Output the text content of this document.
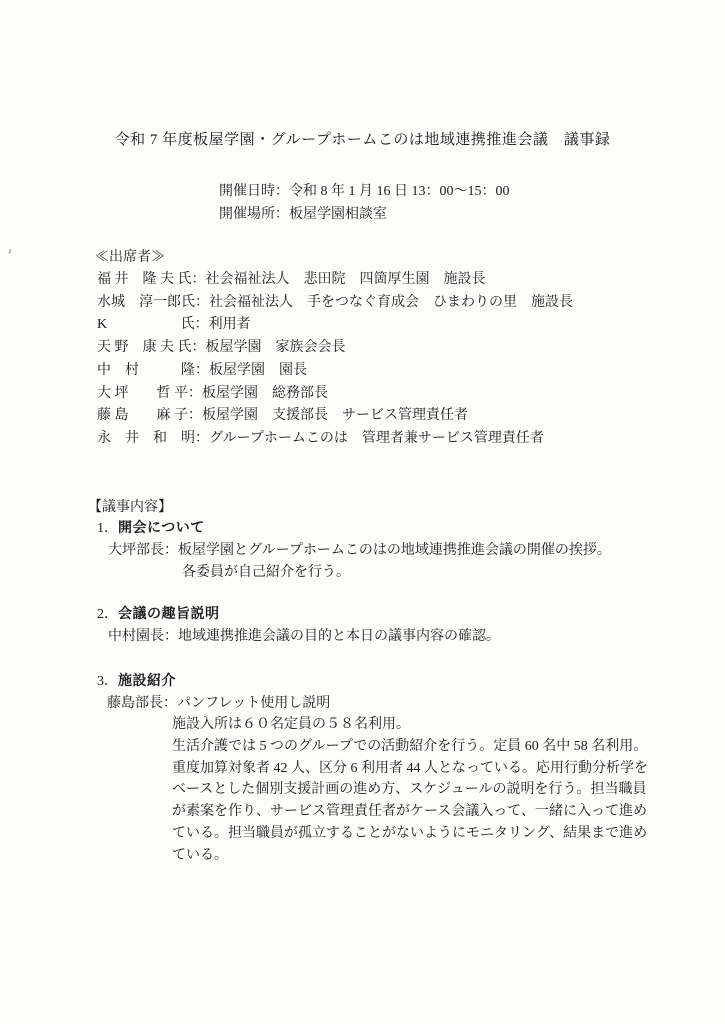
令和 7 年度板屋学園・グループホームこのは地域連携推進会議　議事録
開催日時：令和 8 年 1 月 16 日 13：00～15：00
開催場所：板屋学園相談室
≪出席者≫
福 井　隆 夫 氏：社会福祉法人　悲田院　四箇厚生園　施設長
水城　淳一郎氏：社会福祉法人　手をつなぐ育成会　ひまわりの里　施設長
K　　　　　 氏：利用者
天 野　康 夫 氏：板屋学園　家族会会長
中　村　　　隆：板屋学園　園長
大 坪　　哲 平：板屋学園　総務部長
藤 島　　麻 子：板屋学園　支援部長　サービス管理責任者
永　井　和　明：グループホームこのは　管理者兼サービス管理責任者
【議事内容】
1．開会について
大坪部長：板屋学園とグループホームこのはの地域連携推進会議の開催の挨拶。
各委員が自己紹介を行う。
2．会議の趣旨説明
中村園長：地域連携推進会議の目的と本日の議事内容の確認。
3．施設紹介
藤島部長：パンフレット使用し説明
施設入所は６０名定員の５８名利用。
生活介護では 5 つのグループでの活動紹介を行う。定員 60 名中 58 名利用。
重度加算対象者 42 人、区分 6 利用者 44 人となっている。応用行動分析学を
ベースとした個別支援計画の進め方、スケジュールの説明を行う。担当職員
が素案を作り、サービス管理責任者がケース会議入って、一緒に入って進め
ている。担当職員が孤立することがないようにモニタリング、結果まで進め
ている。
